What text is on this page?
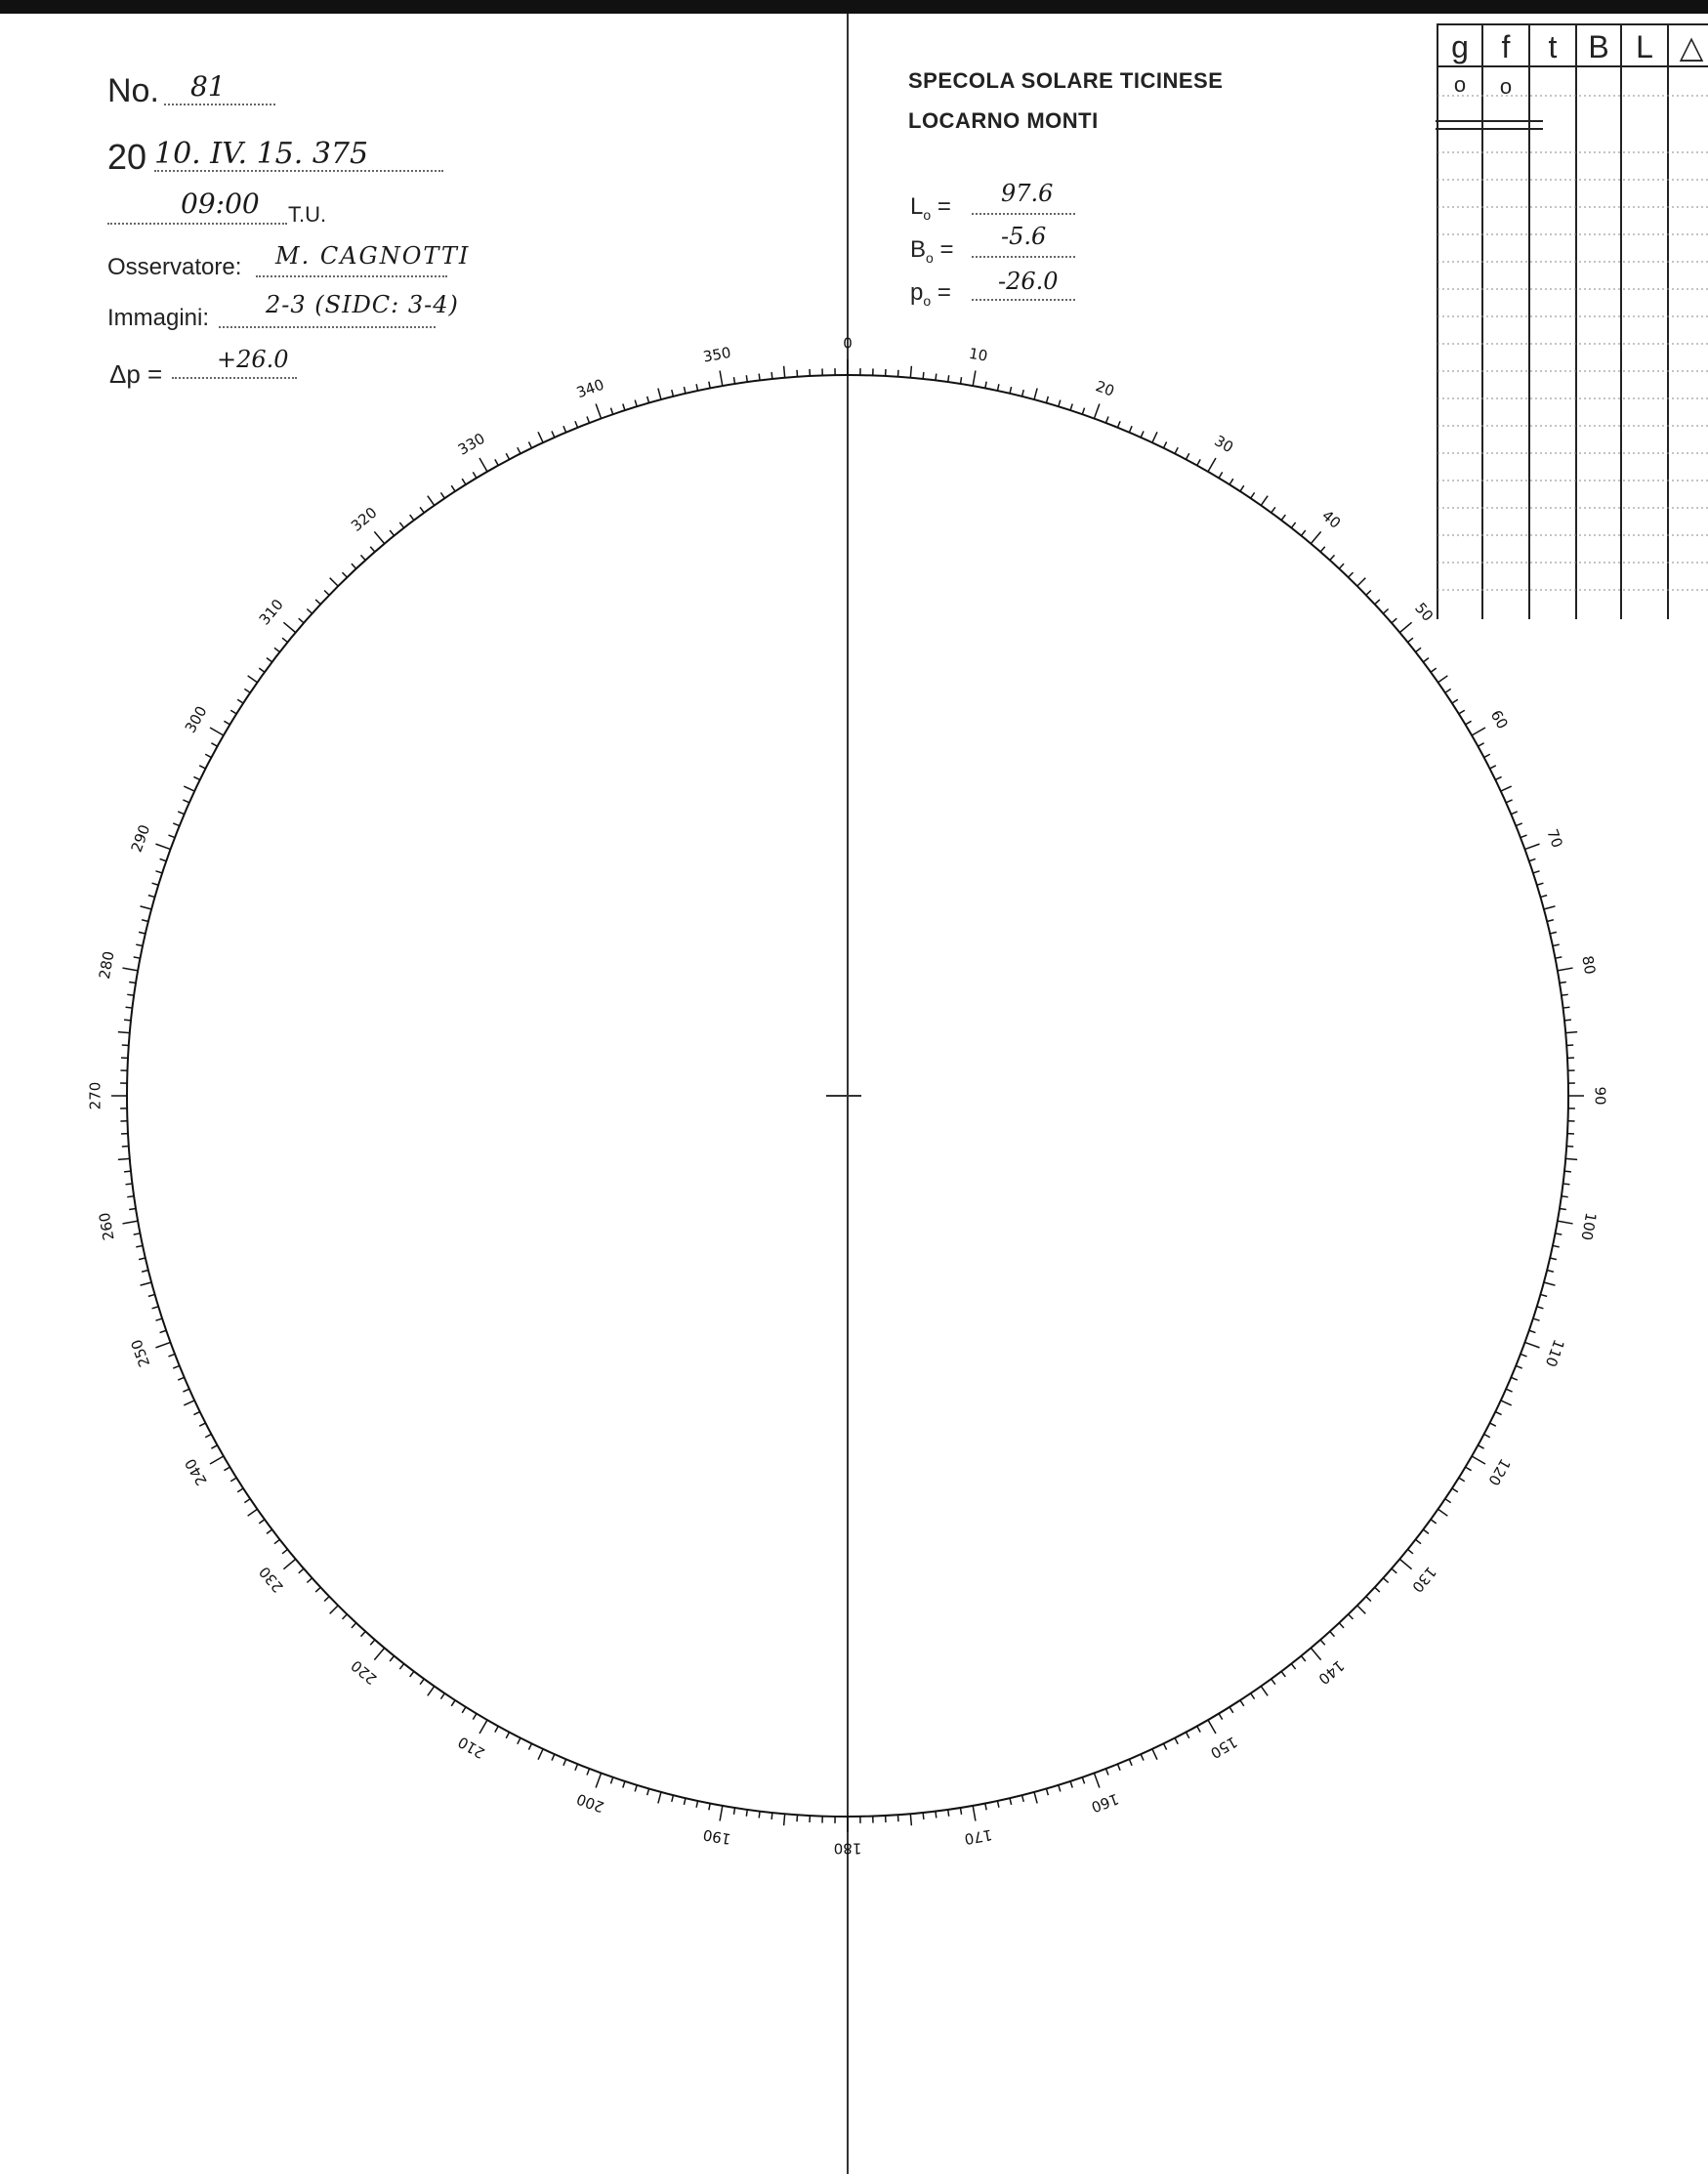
No. 81
20 10. IV. 15. 375
09:00 T.U.
Osservatore: M. CAGNOTTI
Immagini: 2-3 (SIDC: 3-4)
Δp = +26.0
SPECOLA SOLARE TICINESE
LOCARNO MONTI
$L_o = 97.6$
$B_o = -5.6$
$p_o = -26.0$
g f t B L △
o o
0
10
20
30
40
50
60
70
80
90
100
110
120
130
140
150
160
170
180
190
200
210
220
230
240
250
260
270
280
290
300
310
320
330
340
350
